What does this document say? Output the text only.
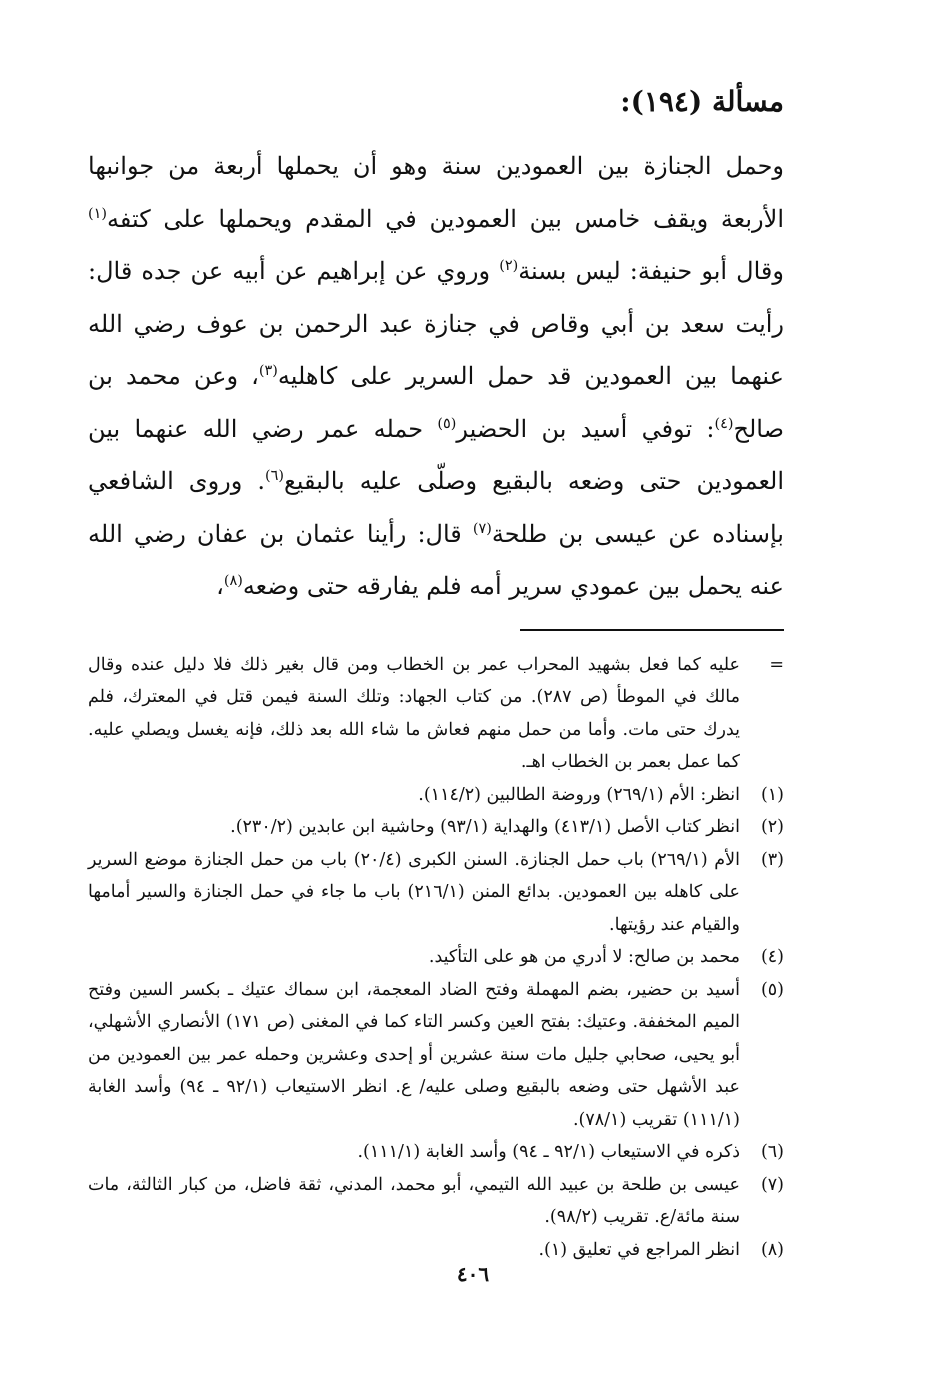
مسألة (١٩٤):

وحمل الجنازة بين العمودين سنة وهو أن يحملها أربعة من جوانبها الأربعة ويقف خامس بين العمودين في المقدم ويحملها على كتفه$^{(١)}$ وقال أبو حنيفة: ليس بسنة$^{(٢)}$ وروي عن إبراهيم عن أبيه عن جده قال: رأيت سعد بن أبي وقاص في جنازة عبد الرحمن بن عوف رضي الله عنهما بين العمودين قد حمل السرير على كاهليه$^{(٣)}$، وعن محمد بن صالح$^{(٤)}$: توفي أسيد بن الحضير$^{(٥)}$ حمله عمر رضي الله عنهما بين العمودين حتى وضعه بالبقيع وصلّى عليه بالبقيع$^{(٦)}$. وروى الشافعي بإسناده عن عيسى بن طلحة$^{(٧)}$ قال: رأينا عثمان بن عفان رضي الله عنه يحمل بين عمودي سرير أمه فلم يفارقه حتى وضعه$^{(٨)}$،

=
عليه كما فعل بشهيد المحراب عمر بن الخطاب ومن قال بغير ذلك فلا دليل عنده وقال مالك في الموطأ (ص ٢٨٧). من كتاب الجهاد: وتلك السنة فيمن قتل في المعترك، فلم يدرك حتى مات. وأما من حمل منهم فعاش ما شاء الله بعد ذلك، فإنه يغسل ويصلي عليه. كما عمل بعمر بن الخطاب اهـ.
(١)
انظر: الأم (٢٦٩/١) وروضة الطالبين (١١٤/٢).
(٢)
انظر كتاب الأصل (٤١٣/١) والهداية (٩٣/١) وحاشية ابن عابدين (٢٣٠/٢).
(٣)
الأم (٢٦٩/١) باب حمل الجنازة. السنن الكبرى (٢٠/٤) باب من حمل الجنازة موضع السرير على كاهله بين العمودين. بدائع المنن (٢١٦/١) باب ما جاء في حمل الجنازة والسير أمامها والقيام عند رؤيتها.
(٤)
محمد بن صالح: لا أدري من هو على التأكيد.
(٥)
أسيد بن حضير، بضم المهملة وفتح الضاد المعجمة، ابن سماك عتيك ـ بكسر السين وفتح الميم المخففة. وعتيك: بفتح العين وكسر التاء كما في المغنى (ص ١٧١) الأنصاري الأشهلي، أبو يحيى، صحابي جليل مات سنة عشرين أو إحدى وعشرين وحمله عمر بين العمودين من عبد الأشهل حتى وضعه بالبقيع وصلى عليه/ ع. انظر الاستيعاب (٩٢/١ ـ ٩٤) وأسد الغابة (١١١/١) تقريب (٧٨/١).
(٦)
ذكره في الاستيعاب (٩٢/١ ـ ٩٤) وأسد الغابة (١١١/١).
(٧)
عيسى بن طلحة بن عبيد الله التيمي، أبو محمد، المدني، ثقة فاضل، من كبار الثالثة، مات سنة مائة/ع. تقريب (٩٨/٢).
(٨)
انظر المراجع في تعليق (١).
٤٠٦
